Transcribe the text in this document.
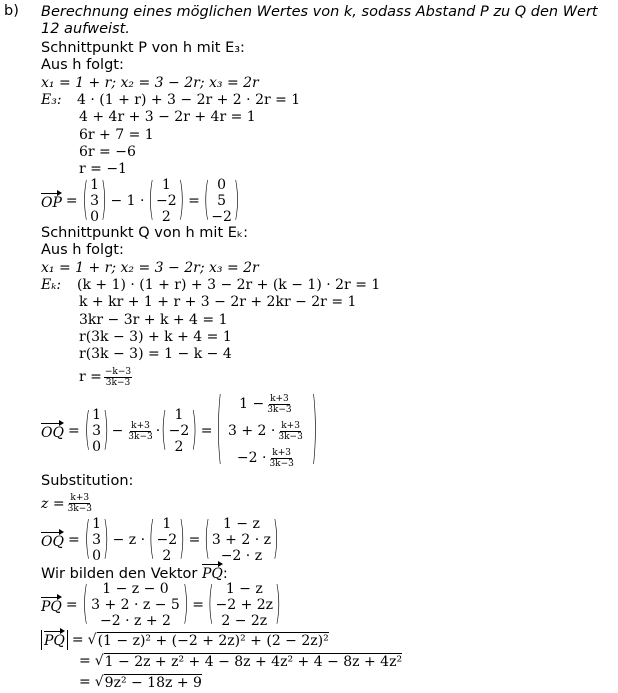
b) Berechnung eines möglichen Wertes von k, sodass Abstand P zu Q den Wert
12 aufweist.
Schnittpunkt P von h mit E₃:
Aus h folgt:
x₁ = 1 + r; x₂ = 3 − 2r; x₃ = 2r
E₃: 4 · (1 + r) + 3 − 2r + 2 · 2r = 1
4 + 4r + 3 − 2r + 4r = 1
6r + 7 = 1
6r = −6
r = −1
OP = ( 1
3
0 ) − 1 · ( 1
−2
2 ) = ( 0
5
−2 )
Schnittpunkt Q von h mit Eₖ:
Aus h folgt:
x₁ = 1 + r; x₂ = 3 − 2r; x₃ = 2r
Eₖ: (k + 1) · (1 + r) + 3 − 2r + (k − 1) · 2r = 1
k + kr + 1 + r + 3 − 2r + 2kr − 2r = 1
3kr − 3r + k + 4 = 1
r(3k − 3) + k + 4 = 1
r(3k − 3) = 1 − k − 4
$r = \frac{-k-3}{3k-3}$
OQ = ( 1
3
0 ) − $\frac{k+3}{3k-3}$ · ( 1
−2
2 ) = ( $1 - \frac{k+3}{3k-3}$
$3 + 2 \cdot \frac{k+3}{3k-3}$
$-2 \cdot \frac{k+3}{3k-3}$ )
Substitution:
$z = \frac{k+3}{3k-3}$
OQ = ( 1
3
0 ) − z · ( 1
−2
2 ) = ( 1 − z
3 + 2 · z
−2 · z )
Wir bilden den Vektor PQ:
PQ = ( 1 − z − 0
3 + 2 · z − 5
−2 · z + 2 ) = ( 1 − z
−2 + 2z
2 − 2z )
PQ = √ (1 − z)² + (−2 + 2z)² + (2 − 2z)²
= √ 1 − 2z + z² + 4 − 8z + 4z² + 4 − 8z + 4z²
= √ 9z² − 18z + 9
